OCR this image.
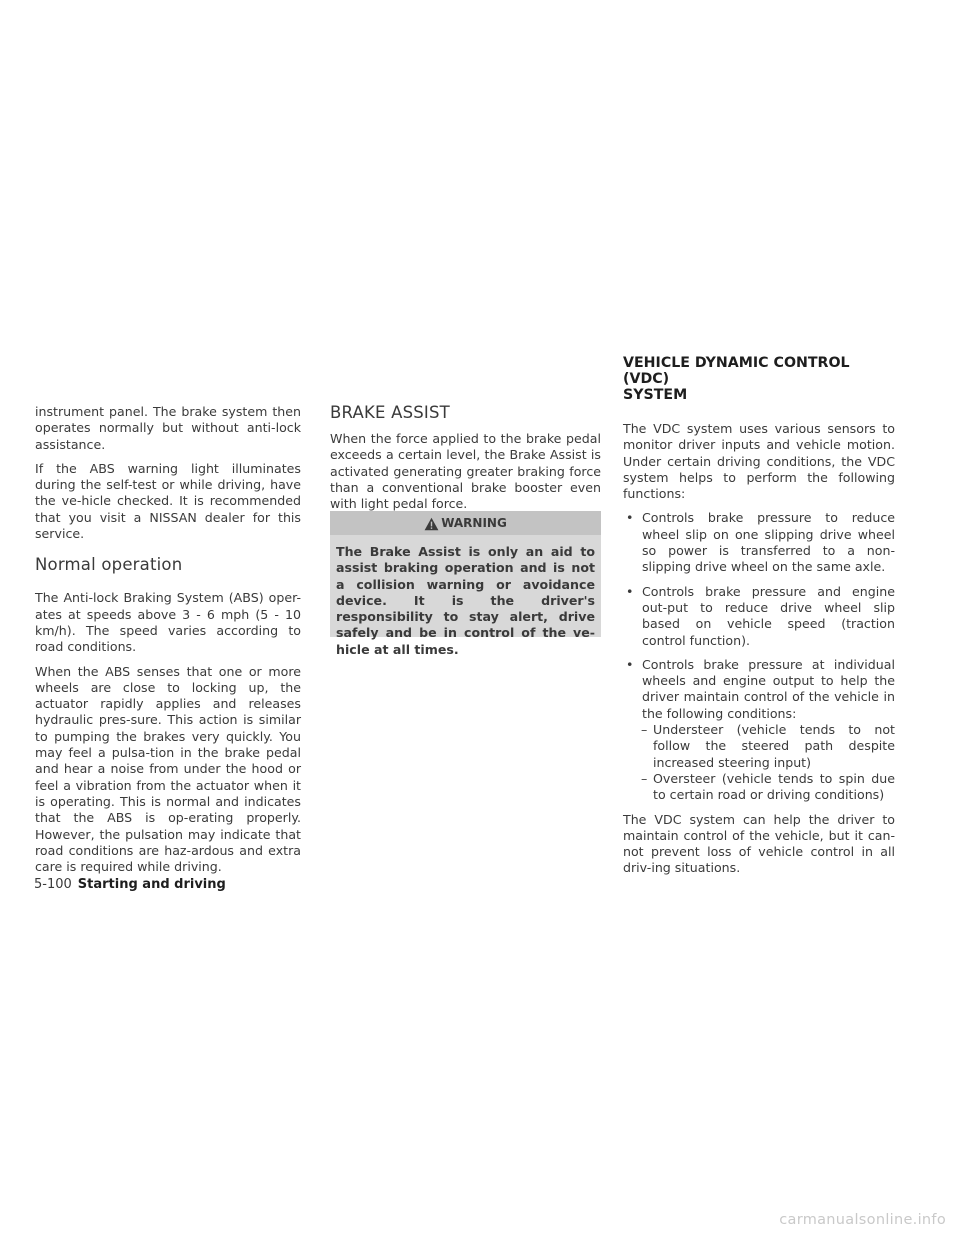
instrument panel. The brake system then operates normally but without anti-lock assistance.

If the ABS warning light illuminates during the self-test or while driving, have the ve-hicle checked. It is recommended that you visit a NISSAN dealer for this service.

Normal operation

The Anti-lock Braking System (ABS) oper-ates at speeds above 3 - 6 mph (5 - 10 km/h). The speed varies according to road conditions.

When the ABS senses that one or more wheels are close to locking up, the actuator rapidly applies and releases hydraulic pres-sure. This action is similar to pumping the brakes very quickly. You may feel a pulsa-tion in the brake pedal and hear a noise from under the hood or feel a vibration from the actuator when it is operating. This is normal and indicates that the ABS is op-erating properly. However, the pulsation may indicate that road conditions are haz-ardous and extra care is required while driving.

BRAKE ASSIST

When the force applied to the brake pedal exceeds a certain level, the Brake Assist is activated generating greater braking force than a conventional brake booster even with light pedal force.

WARNING
The Brake Assist is only an aid to assist braking operation and is not a collision warning or avoidance device. It is the driver's responsibility to stay alert, drive safely and be in control of the ve-hicle at all times.
VEHICLE DYNAMIC CONTROL (VDC)
SYSTEM

The VDC system uses various sensors to monitor driver inputs and vehicle motion. Under certain driving conditions, the VDC system helps to perform the following functions:

• Controls brake pressure to reduce wheel slip on one slipping drive wheel so power is transferred to a non-slipping drive wheel on the same axle.
• Controls brake pressure and engine out-put to reduce drive wheel slip based on vehicle speed (traction control function).
• Controls brake pressure at individual wheels and engine output to help the driver maintain control of the vehicle in the following conditions:
– Understeer (vehicle tends to not follow the steered path despite increased steering input)
– Oversteer (vehicle tends to spin due to certain road or driving conditions)

The VDC system can help the driver to maintain control of the vehicle, but it can-not prevent loss of vehicle control in all driv-ing situations.

5-100 Starting and driving
carmanualsonline.info
